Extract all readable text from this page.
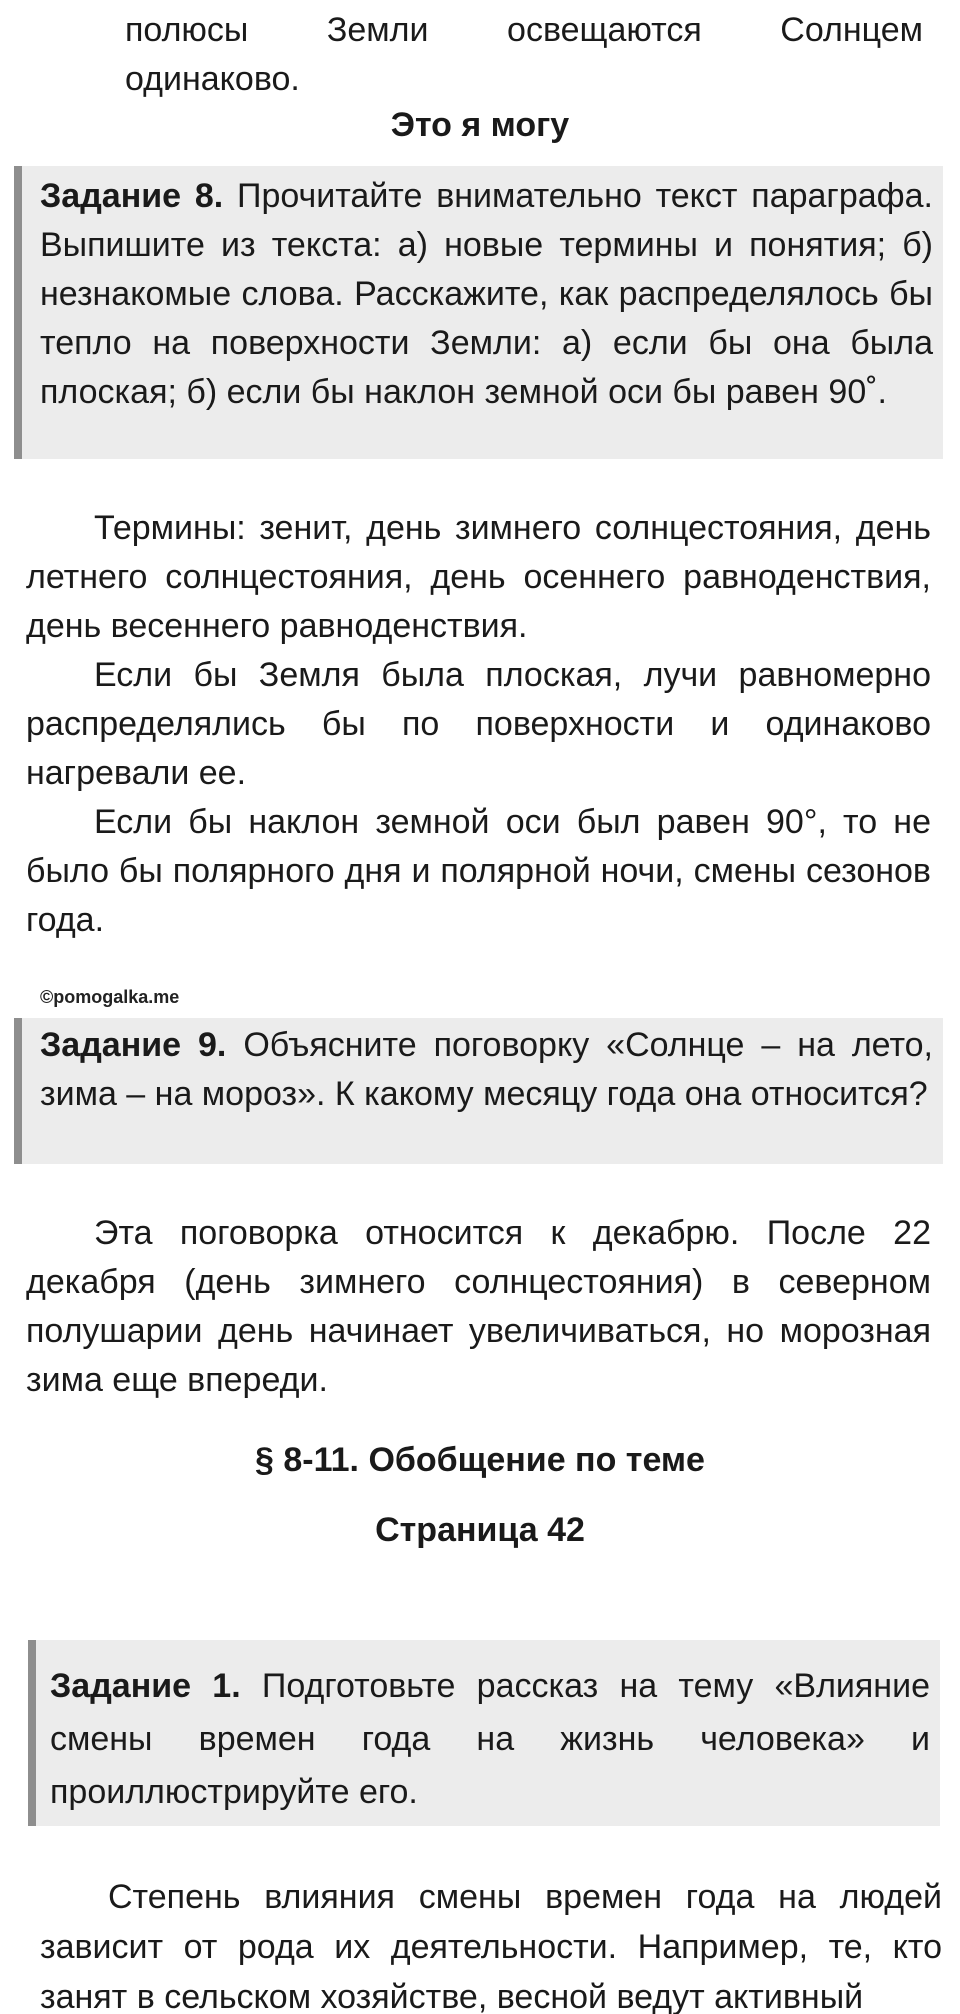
полюсы Земли освещаются Солнцем
одинаково.
Это я могу

Задание 8. Прочитайте внимательно текст параграфа. Выпишите из текста: а) новые термины и понятия; б) незнакомые слова. Расскажите, как распределялось бы тепло на поверхности Земли: а) если бы она была плоская; б) если бы наклон земной оси бы равен 90˚.

Термины: зенит, день зимнего солнцестояния, день летнего солнцестояния, день осеннего равноденствия, день весеннего равноденствия.

Если бы Земля была плоская, лучи равномерно распределялись бы по поверхности и одинаково нагревали ее.

Если бы наклон земной оси был равен 90°, то не было бы полярного дня и полярной ночи, смены сезонов года.

©pomogalka.me

Задание 9. Объясните поговорку «Солнце – на лето, зима – на мороз». К какому месяцу года она относится?

Эта поговорка относится к декабрю. После 22 декабря (день зимнего солнцестояния) в северном полушарии день начинает увеличиваться, но морозная зима еще впереди.

§ 8-11. Обобщение по теме
Страница 42

Задание 1. Подготовьте рассказ на тему «Влияние смены времен года на жизнь человека» и проиллюстрируйте его.

Степень влияния смены времен года на людей зависит от рода их деятельности. Например, те, кто занят в сельском хозяйстве, весной ведут активный
